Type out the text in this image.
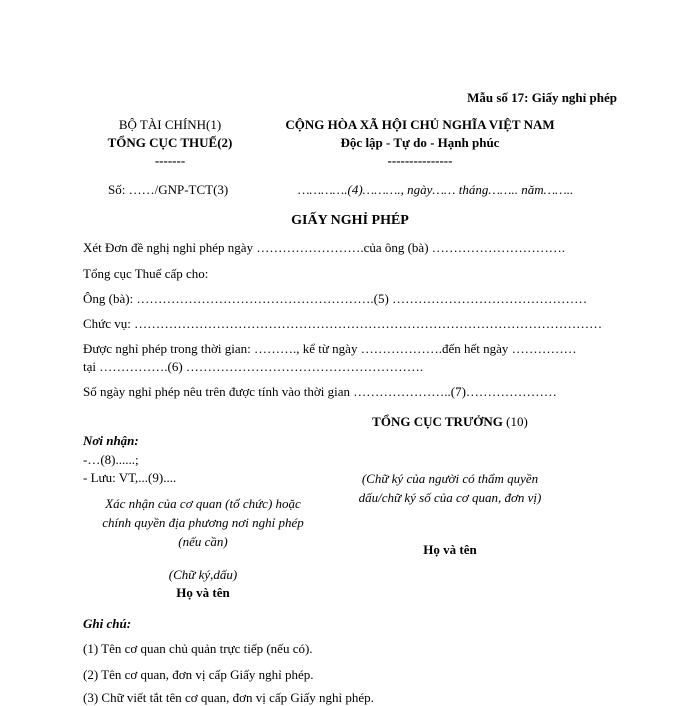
Mẫu số 17: Giấy nghỉ phép
BỘ TÀI CHÍNH(1)
TỔNG CỤC THUẾ(2)
-------
CỘNG HÒA XÃ HỘI CHỦ NGHĨA VIỆT NAM
Độc lập - Tự do - Hạnh phúc
---------------
Số: ……/GNP-TCT(3)	………….(4)………., ngày…… tháng…….. năm……..
GIẤY NGHỈ PHÉP
Xét Đơn đề nghị nghỉ phép ngày …………………….của ông (bà) ………………………….
Tổng cục Thuế cấp cho:
Ông (bà): ……………………………………………….(5) ………………………………………
Chức vụ: ………………………………………………………………………………………………
Được nghỉ phép trong thời gian: ………., kể từ ngày ……………….đến hết ngày ……………
tại …………….(6) ……………………………………………….
Số ngày nghỉ phép nêu trên được tính vào thời gian …………………..(7)…………………
Nơi nhận:
-…(8)......;
- Lưu: VT,...(9)....
Xác nhận của cơ quan (tổ chức) hoặc
chính quyền địa phương nơi nghỉ phép
(nếu cần)
(Chữ ký,dấu)
Họ và tên
TỔNG CỤC TRƯỞNG (10)
(Chữ ký của người có thẩm quyền
dấu/chữ ký số của cơ quan, đơn vị)
Họ và tên
Ghi chú:
(1) Tên cơ quan chủ quản trực tiếp (nếu có).
(2) Tên cơ quan, đơn vị cấp Giấy nghỉ phép.
(3) Chữ viết tắt tên cơ quan, đơn vị cấp Giấy nghỉ phép.
